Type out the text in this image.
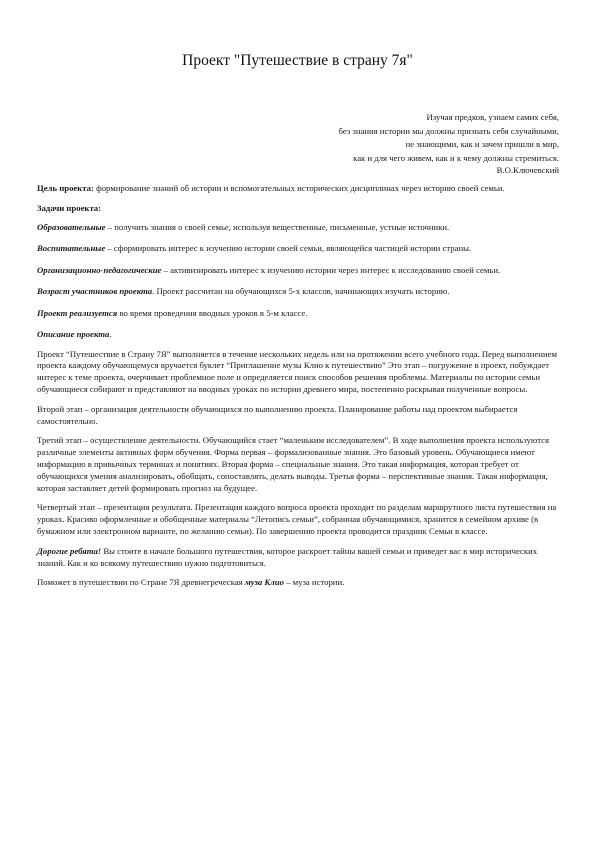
Проект "Путешествие в страну 7я"
Изучая предков, узнаем самих себя,
без знания истории мы должны признать себя случайными,
не знающими, как и зачем пришли в мир,
как и для чего живем, как и к чему должны стремиться.
В.О.Ключевский

Цель проекта: формирование знаний об истории и вспомогательных исторических дисциплинах через историю своей семьи.

Задачи проекта:

Образовательные – получить знания о своей семье, используя вещественные, письменные, устные источники.

Воспитательные – сформировать интерес к изучению истории своей семьи, являющейся частицей истории страны.

Организационно-педагогические – активизировать интерес к изучению истории через интерес к исследованию своей семьи.

Возраст участников проекта. Проект рассчитан на обучающихся 5-х классов, начинающих изучать историю.

Проект реализуется во время проведения вводных уроков в 5-м классе.

Описание проекта.

Проект “Путешествие в Страну 7Я” выполняется в течение нескольких недель или на протяжении всего учебного года. Перед выполнением проекта каждому обучающемуся вручается буклет “Приглашение музы Клио к путешествию” Это этап – погружение в проект, побуждает интерес к теме проекта, очерчивает проблемное поле и определяется поиск способов решения проблемы. Материалы по истории семьи обучающиеся собирают и представляют на вводных уроках по истории древнего мира, постепенно раскрывая полученные вопросы.

Второй этап – организация деятельности обучающихся по выполнению проекта. Планирование работы над проектом выбирается самостоятельно.

Третий этап – осуществление деятельности. Обучающийся стает “маленьким исследователем”. В ходе выполнения проекта используются различные элементы активных форм обучения. Форма первая – формализованные знания. Это базовый уровень. Обучающиеся имеют информацию в привычных терминах и понятиях. Вторая форма – специальные знания. Это такая информация, которая требует от обучающихся умения анализировать, обобщать, сопоставлять, делать выводы. Третья форма – перспективные знания. Такая информация, которая заставляет детей формировать прогноз на будущее.

Четвертый этап – презентация результата. Презентация каждого вопроса проекта проходит по разделам маршрутного листа путешествия на уроках. Красиво оформленные и обобщенные материалы “Летопись семьи”, собранная обучающимися, хранится в семейном архиве (в бумажном или электронном варианте, по желанию семьи). По завершению проекта проводится праздник Семьи в классе.

Дорогие ребята! Вы стоите в начале большого путешествия, которое раскроет тайны вашей семьи и приведет вас в мир исторических знаний. Как и ко всякому путешествию нужно подготовиться.

Поможет в путешествии по Стране 7Я древнегреческая муза Клио – муза истории.
